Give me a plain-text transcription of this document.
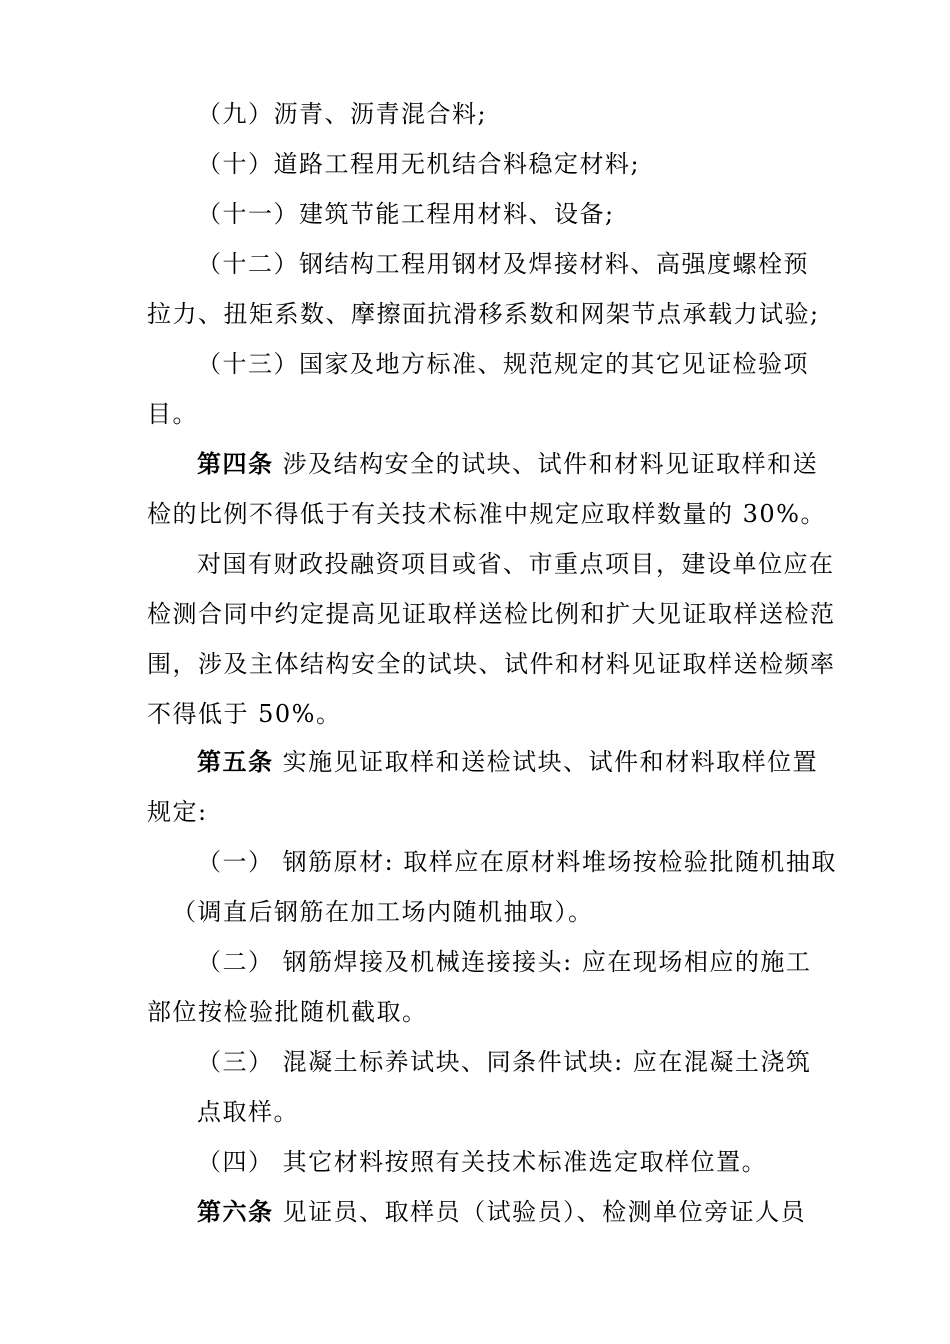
（九）沥青、沥青混合料;
（十）道路工程用无机结合料稳定材料;
（十一）建筑节能工程用材料、设备;
（十二）钢结构工程用钢材及焊接材料、高强度螺栓预
拉力、扭矩系数、摩擦面抗滑移系数和网架节点承载力试验;
（十三）国家及地方标准、规范规定的其它见证检验项
目。
第四条 涉及结构安全的试块、试件和材料见证取样和送
检的比例不得低于有关技术标准中规定应取样数量的 30%。
对国有财政投融资项目或省、市重点项目，建设单位应在
检测合同中约定提高见证取样送检比例和扩大见证取样送检范
围，涉及主体结构安全的试块、试件和材料见证取样送检频率
不得低于 50%。
第五条 实施见证取样和送检试块、试件和材料取样位置
规定:
（一） 钢筋原材: 取样应在原材料堆场按检验批随机抽取
（调直后钢筋在加工场内随机抽取）。
（二） 钢筋焊接及机械连接接头: 应在现场相应的施工
部位按检验批随机截取。
（三） 混凝土标养试块、同条件试块: 应在混凝土浇筑
点取样。
（四） 其它材料按照有关技术标准选定取样位置。
第六条 见证员、取样员（试验员）、检测单位旁证人员
